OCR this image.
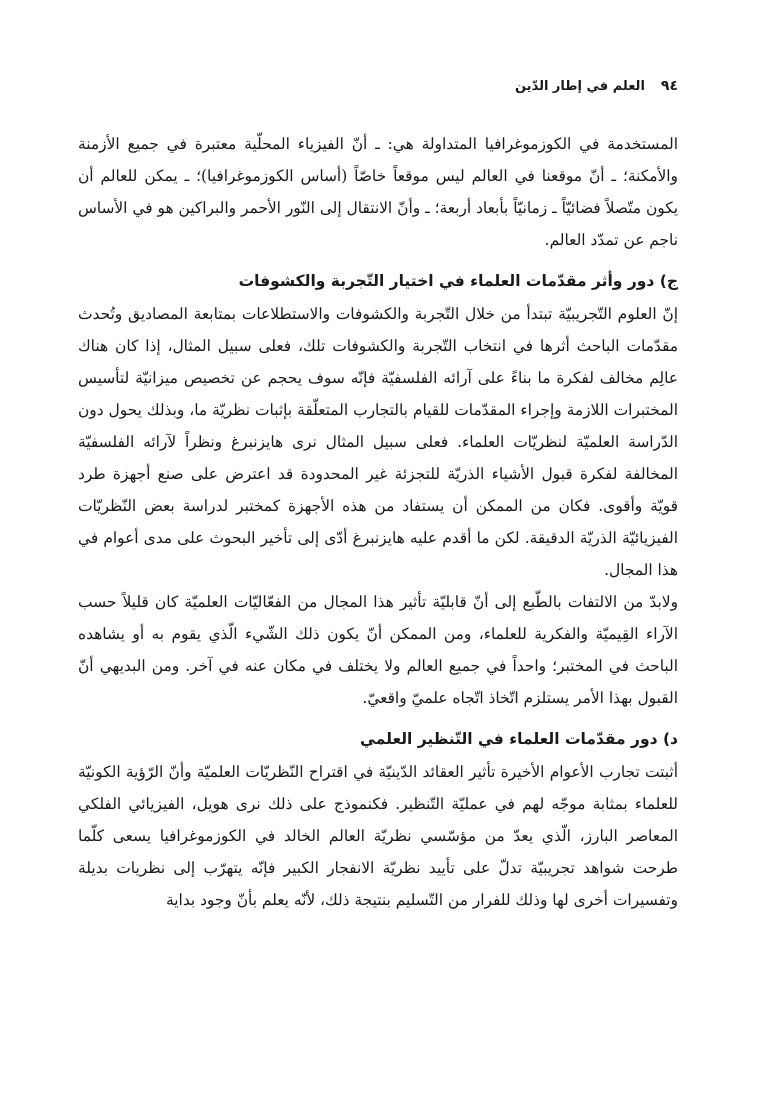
٩٤
العلم في إطار الدّين

المستخدمة في الكوزموغرافيا المتداولة هي: ـ أنّ الفيزياء المحلّية معتبرة في جميع الأزمنة والأمكنة؛ ـ أنّ موقعنا في العالم ليس موقعاً خاصّاً (أساس الكوزموغرافيا)؛ ـ يمكن للعالم أن يكون متّصلاً فضائيّاً ـ زمانيّاً بأبعاد أربعة؛ ـ وأنّ الانتقال إلى النّور الأحمر والبراكين هو في الأساس ناجم عن تمدّد العالم.

ج) دور وأثر مقدّمات العلماء في اختيار التّجربة والكشوفات

إنّ العلوم التّجريبيّة تبتدأ من خلال التّجربة والكشوفات والاستطلاعات بمتابعة المصاديق وتُحدث مقدّمات الباحث أثرها في انتخاب التّجربة والكشوفات تلك، فعلى سبيل المثال، إذا كان هناك عالِم مخالف لفكرة ما بناءً على آرائه الفلسفيّة فإنّه سوف يحجم عن تخصيص ميزانيّة لتأسيس المختبرات اللازمة وإجراء المقدّمات للقيام بالتجارب المتعلّقة بإثبات نظريّة ما، وبذلك يحول دون الدّراسة العلميّة لنظريّات العلماء. فعلى سبيل المثال نرى هايزنبرغ ونظراً لآرائه الفلسفيّة المخالفة لفكرة قبول الأشياء الذريّة للتجزئة غير المحدودة قد اعترض على صنع أجهزة طرد قويّة وأقوى. فكان من الممكن أن يستفاد من هذه الأجهزة كمختبر لدراسة بعض النّظريّات الفيزيائيّة الذريّة الدقيقة. لكن ما أقدم عليه هايزنبرغ أدّى إلى تأخير البحوث على مدى أعوام في هذا المجال.

ولابدّ من الالتفات بالطّبع إلى أنّ قابليّة تأثير هذا المجال من الفعّاليّات العلميّة كان قليلاً حسب الآراء القِيميّة والفكرية للعلماء، ومن الممكن أنّ يكون ذلك الشّيء الّذي يقوم به أو يشاهده الباحث في المختبر؛ واحداً في جميع العالم ولا يختلف في مكان عنه في آخر. ومن البديهي أنّ القبول بهذا الأمر يستلزم اتّخاذ اتّجاه علميّ واقعيّ.

د) دور مقدّمات العلماء في التّنظير العلمي

أثبتت تجارب الأعوام الأخيرة تأثير العقائد الدّينيّة في اقتراح النّظريّات العلميّة وأنّ الرّؤية الكونيّة للعلماء بمثابة موجّه لهم في عمليّة التّنظير. فكنموذج على ذلك نرى هويل، الفيزيائي الفلكي المعاصر البارز، الّذي يعدّ من مؤسّسي نظريّة العالم الخالد في الكوزموغرافيا يسعى كلّما طرحت شواهد تجريبيّة تدلّ على تأييد نظريّة الانفجار الكبير فإنّه يتهرّب إلى نظريات بديلة وتفسيرات أخرى لها وذلك للفرار من التّسليم بنتيجة ذلك، لأنّه يعلم بأنّ وجود بداية
